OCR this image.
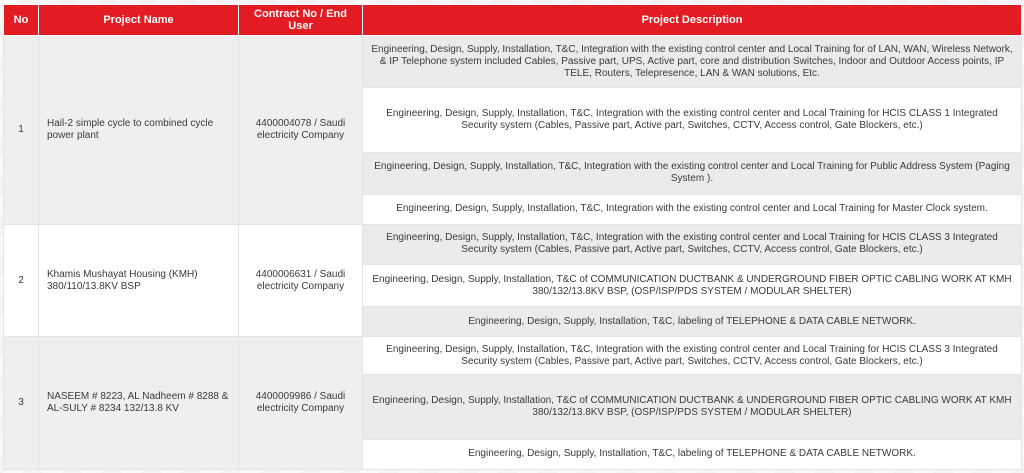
No	Project Name	Contract No / End User	Project Description
1	Hail-2 simple cycle to combined cycle power plant	4400004078 / Saudi electricity Company	Engineering, Design, Supply, Installation, T&C, Integration with the existing control center and Local Training for of LAN, WAN, Wireless Network, & IP Telephone system included Cables, Passive part, UPS, Active part, core and distribution Switches, Indoor and Outdoor Access points, IP TELE, Routers, Telepresence, LAN & WAN solutions, Etc.
			Engineering, Design, Supply, Installation, T&C, Integration with the existing control center and Local Training for HCIS CLASS 1 Integrated Security system (Cables, Passive part, Active part, Switches, CCTV, Access control, Gate Blockers, etc.)
			Engineering, Design, Supply, Installation, T&C, Integration with the existing control center and Local Training for Public Address System (Paging System ).
			Engineering, Design, Supply, Installation, T&C, Integration with the existing control center and Local Training for Master Clock system.
2	Khamis Mushayat Housing (KMH) 380/110/13.8KV BSP	4400006631 / Saudi electricity Company	Engineering, Design, Supply, Installation, T&C, Integration with the existing control center and Local Training for HCIS CLASS 3 Integrated Security system (Cables, Passive part, Active part, Switches, CCTV, Access control, Gate Blockers, etc.)
			Engineering, Design, Supply, Installation, T&C of COMMUNICATION DUCTBANK & UNDERGROUND FIBER OPTIC CABLING WORK AT KMH 380/132/13.8KV BSP, (OSP/ISP/PDS SYSTEM / MODULAR SHELTER)
			Engineering, Design, Supply, Installation, T&C, labeling of TELEPHONE & DATA CABLE NETWORK.
3	NASEEM # 8223, AL Nadheem # 8288 & AL-SULY # 8234 132/13.8 KV	4400009986 / Saudi electricity Company	Engineering, Design, Supply, Installation, T&C, Integration with the existing control center and Local Training for HCIS CLASS 3 Integrated Security system (Cables, Passive part, Active part, Switches, CCTV, Access control, Gate Blockers, etc.)
			Engineering, Design, Supply, Installation, T&C of COMMUNICATION DUCTBANK & UNDERGROUND FIBER OPTIC CABLING WORK AT KMH 380/132/13.8KV BSP, (OSP/ISP/PDS SYSTEM / MODULAR SHELTER)
			Engineering, Design, Supply, Installation, T&C, labeling of TELEPHONE & DATA CABLE NETWORK.
